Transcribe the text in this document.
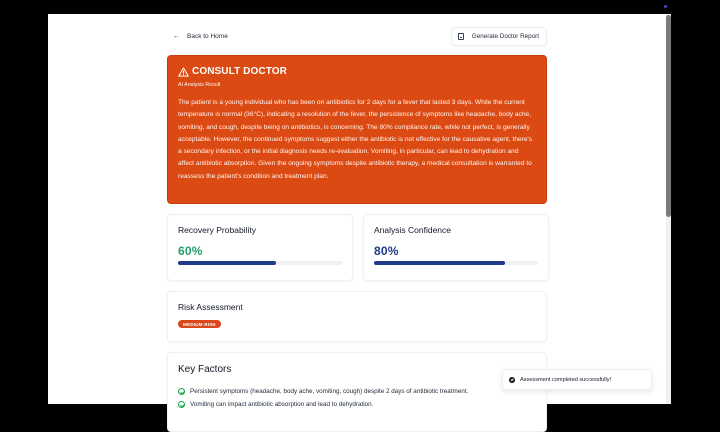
← Back to Home	Generate Doctor Report
CONSULT DOCTOR
AI Analysis Result

The patient is a young individual who has been on antibiotics for 2 days for a fever that lasted 3 days. While the current temperature is normal (36°C), indicating a resolution of the fever, the persistence of symptoms like headache, body ache, vomiting, and cough, despite being on antibiotics, is concerning. The 80% compliance rate, while not perfect, is generally acceptable. However, the continued symptoms suggest either the antibiotic is not effective for the causative agent, there's a secondary infection, or the initial diagnosis needs re-evaluation. Vomiting, in particular, can lead to dehydration and affect antibiotic absorption. Given the ongoing symptoms despite antibiotic therapy, a medical consultation is warranted to reassess the patient's condition and treatment plan.

Recovery Probability
60%
Analysis Confidence
80%
Risk Assessment
MEDIUM RISK
Key Factors
Persistent symptoms (headache, body ache, vomiting, cough) despite 2 days of antibiotic treatment.
Vomiting can impact antibiotic absorption and lead to dehydration.
Assessment completed successfully!
